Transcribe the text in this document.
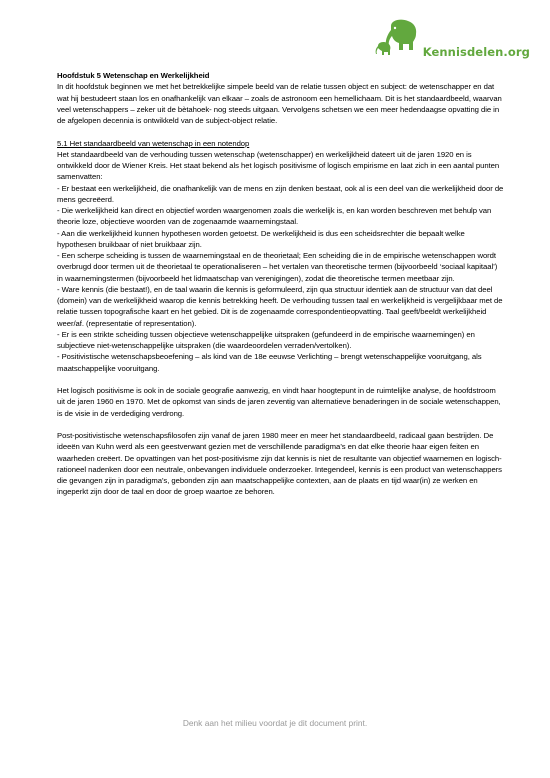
Kennisdelen.org

Hoofdstuk 5 Wetenschap en Werkelijkheid

In dit hoofdstuk beginnen we met het betrekkelijke simpele beeld van de relatie tussen object en subject: de wetenschapper en dat wat hij bestudeert staan los en onafhankelijk van elkaar – zoals de astronoom een hemellichaam. Dit is het standaardbeeld, waarvan veel wetenschappers – zeker uit de bètahoek- nog steeds uitgaan. Vervolgens schetsen we een meer hedendaagse opvatting die in de afgelopen decennia is ontwikkeld van de subject-object relatie.

5.1 Het standaardbeeld van wetenschap in een notendop

Het standaardbeeld van de verhouding tussen wetenschap (wetenschapper) en werkelijkheid dateert uit de jaren 1920 en is ontwikkeld door de Wiener Kreis. Het staat bekend als het logisch positivisme of logisch empirisme en laat zich in een aantal punten samenvatten:

- Er bestaat een werkelijkheid, die onafhankelijk van de mens en zijn denken bestaat, ook al is een deel van die werkelijkheid door de mens gecreëerd.

- Die werkelijkheid kan direct en objectief worden waargenomen zoals die werkelijk is, en kan worden beschreven met behulp van theorie loze, objectieve woorden van de zogenaamde waarnemingstaal.

- Aan die werkelijkheid kunnen hypothesen worden getoetst. De werkelijkheid is dus een scheidsrechter die bepaalt welke hypothesen bruikbaar of niet bruikbaar zijn.

- Een scherpe scheiding is tussen de waarnemingstaal en de theorietaal; Een scheiding die in de empirische wetenschappen wordt overbrugd door termen uit de theorietaal te operationaliseren – het vertalen van theoretische termen (bijvoorbeeld ‘sociaal kapitaal’) in waarnemingstermen (bijvoorbeeld het lidmaatschap van verenigingen), zodat die theoretische termen meetbaar zijn.

- Ware kennis (die bestaat!), en de taal waarin die kennis is geformuleerd, zijn qua structuur identiek aan de structuur van dat deel (domein) van de werkelijkheid waarop die kennis betrekking heeft. De verhouding tussen taal en werkelijkheid is vergelijkbaar met de relatie tussen topografische kaart en het gebied. Dit is de zogenaamde correspondentieopvatting. Taal geeft/beeldt werkelijkheid weer/af. (representatie of representation).

- Er is een strikte scheiding tussen objectieve wetenschappelijke uitspraken (gefundeerd in de empirische waarnemingen) en subjectieve niet-wetenschappelijke uitspraken (die waardeoordelen verraden/vertolken).

- Positivistische wetenschapsbeoefening – als kind van de 18e eeuwse Verlichting – brengt wetenschappelijke vooruitgang, als maatschappelijke vooruitgang.

Het logisch positivisme is ook in de sociale geografie aanwezig, en vindt haar hoogtepunt in de ruimtelijke analyse, de hoofdstroom uit de jaren 1960 en 1970. Met de opkomst van sinds de jaren zeventig van alternatieve benaderingen in de sociale wetenschappen, is de visie in de verdediging verdrong.

Post-positivistische wetenschapsfilosofen zijn vanaf de jaren 1980 meer en meer het standaardbeeld, radicaal gaan bestrijden. De ideeën van Kuhn werd als een geestverwant gezien met de verschillende paradigma’s en dat elke theorie haar eigen feiten en waarheden creëert. De opvattingen van het post-positivisme zijn dat kennis is niet de resultante van objectief waarnemen en logisch-rationeel nadenken door een neutrale, onbevangen individuele onderzoeker. Integendeel, kennis is een product van wetenschappers die gevangen zijn in paradigma’s, gebonden zijn aan maatschappelijke contexten, aan de plaats en tijd waar(in) ze werken en ingeperkt zijn door de taal en door de groep waartoe ze behoren.

Denk aan het milieu voordat je dit document print.
